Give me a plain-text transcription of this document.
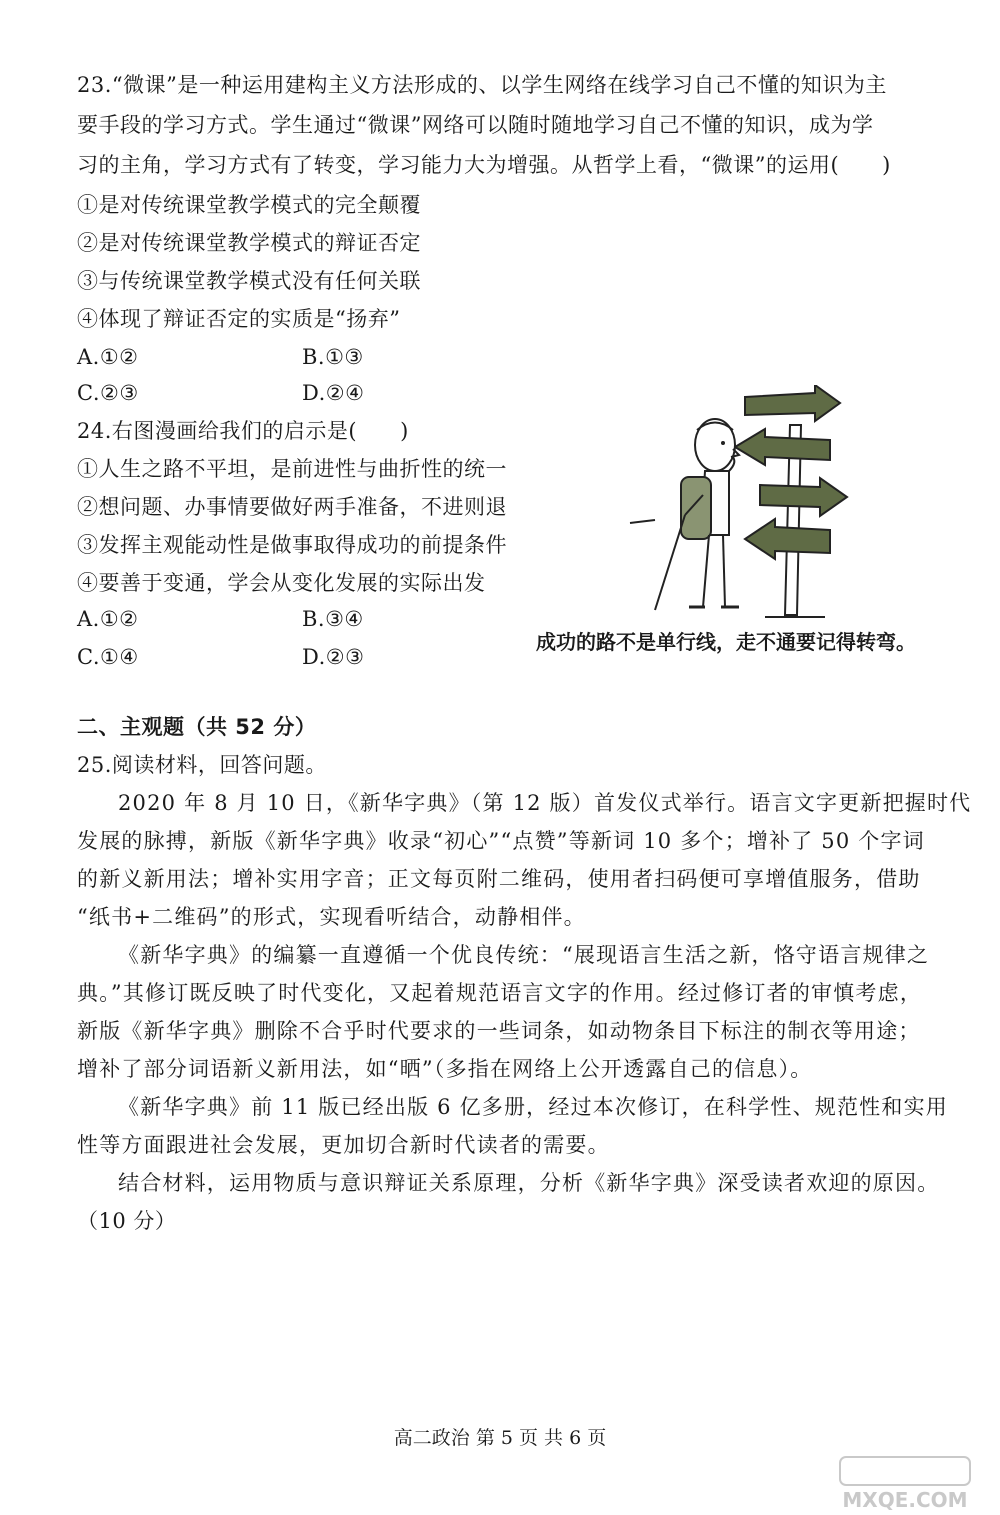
23.“微课”是一种运用建构主义方法形成的、以学生网络在线学习自己不懂的知识为主
要手段的学习方式。学生通过“微课”网络可以随时随地学习自己不懂的知识，成为学
习的主角，学习方式有了转变，学习能力大为增强。从哲学上看，“微课”的运用(　　)
①是对传统课堂教学模式的完全颠覆
②是对传统课堂教学模式的辩证否定
③与传统课堂教学模式没有任何关联
④体现了辩证否定的实质是“扬弃”
A.①②	B.①③
C.②③	D.②④
24.右图漫画给我们的启示是(　　)
①人生之路不平坦，是前进性与曲折性的统一
②想问题、办事情要做好两手准备，不进则退
③发挥主观能动性是做事取得成功的前提条件
④要善于变通，学会从变化发展的实际出发
A.①②	B.③④
C.①④	D.②③
成功的路不是单行线，走不通要记得转弯。
二、主观题（共 52 分）
25.阅读材料，回答问题。
2020 年 8 月 10 日，《新华字典》（第 12 版）首发仪式举行。语言文字更新把握时代
发展的脉搏，新版《新华字典》收录“初心”“点赞”等新词 10 多个；增补了 50 个字词
的新义新用法；增补实用字音；正文每页附二维码，使用者扫码便可享增值服务，借助
“纸书+二维码”的形式，实现看听结合，动静相伴。
《新华字典》的编纂一直遵循一个优良传统：“展现语言生活之新，恪守语言规律之
典。”其修订既反映了时代变化，又起着规范语言文字的作用。经过修订者的审慎考虑，
新版《新华字典》删除不合乎时代要求的一些词条，如动物条目下标注的制衣等用途；
增补了部分词语新义新用法，如“晒”（多指在网络上公开透露自己的信息）。
《新华字典》前 11 版已经出版 6 亿多册，经过本次修订，在科学性、规范性和实用
性等方面跟进社会发展，更加切合新时代读者的需要。
结合材料，运用物质与意识辩证关系原理，分析《新华字典》深受读者欢迎的原因。
（10 分）
高二政治 第 5 页 共 6 页
MXQE.COM
